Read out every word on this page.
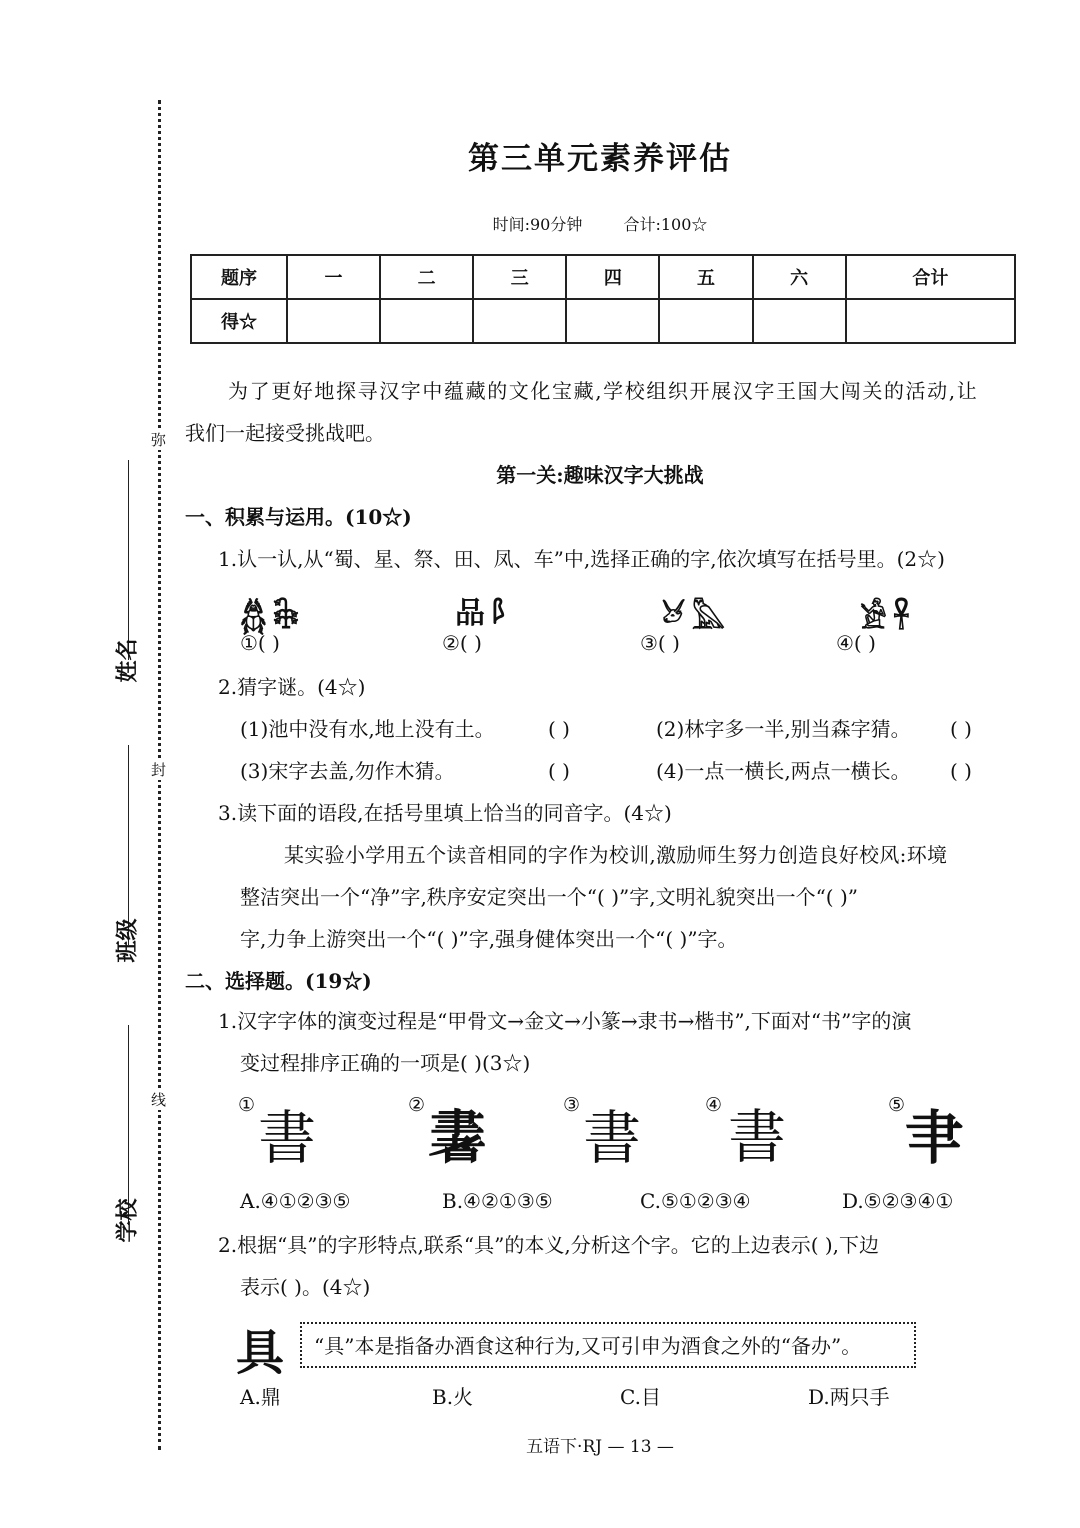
弥
封
线
姓名
班级
学校
第三单元素养评估
时间:90分钟	合计:100☆
题序	一	二	三	四	五	六	合计
得☆							
为了更好地探寻汉字中蕴藏的文化宝藏,学校组织开展汉字王国大闯关的活动,让
我们一起接受挑战吧。
第一关:趣味汉字大挑战
一、积累与运用。(10☆)
1.认一认,从“蜀、星、祭、田、凤、车”中,选择正确的字,依次填写在括号里。(2☆)
𓆣𓇗	品𐦁	𓃾𓅓	𓀀𓋹
①( )	②( )	③( )	④( )
2.猜字谜。(4☆)
(1)池中没有水,地上没有土。	( )	(2)林字多一半,别当森字猜。 ( )
(3)宋字去盖,勿作木猜。	( )	(4)一点一横长,两点一横长。 ( )
3.读下面的语段,在括号里填上恰当的同音字。(4☆)
某实验小学用五个读音相同的字作为校训,激励师生努力创造良好校风:环境
整洁突出一个“净”字,秩序安定突出一个“( )”字,文明礼貌突出一个“( )”
字,力争上游突出一个“( )”字,强身健体突出一个“( )”字。
二、选择题。(19☆)
1.汉字字体的演变过程是“甲骨文→金文→小篆→隶书→楷书”,下面对“书”字的演
变过程排序正确的一项是( )(3☆)
① 書	② 𦘠	③ 書	④ 書	⑤ 𦘒
A.④①②③⑤	B.④②①③⑤	C.⑤①②③④	D.⑤②③④①
2.根据“具”的字形特点,联系“具”的本义,分析这个字。它的上边表示( ),下边
表示( )。(4☆)
具 “具”本是指备办酒食这种行为,又可引申为酒食之外的“备办”。
A.鼎	B.火	C.目	D.两只手
五语下·RJ — 13 —
